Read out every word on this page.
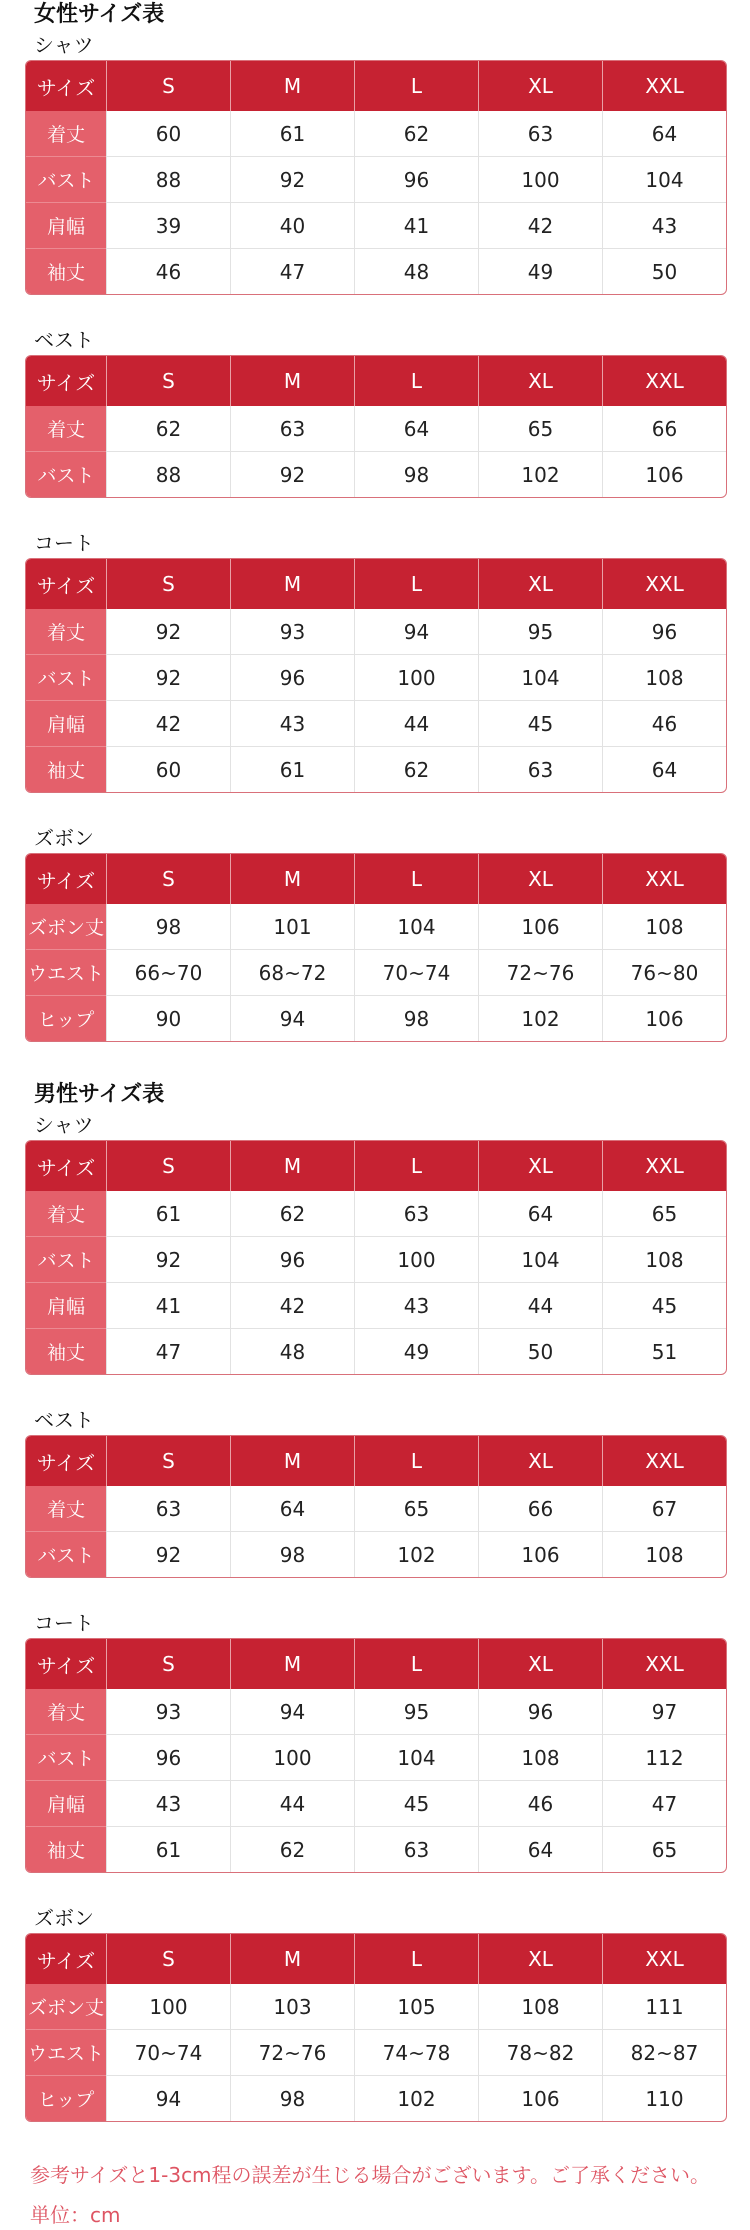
女性サイズ表
シャツ
サイズ	S	M	L	XL	XXL
着丈	60	61	62	63	64
バスト	88	92	96	100	104
肩幅	39	40	41	42	43
袖丈	46	47	48	49	50
ベスト
サイズ	S	M	L	XL	XXL
着丈	62	63	64	65	66
バスト	88	92	98	102	106
コート
サイズ	S	M	L	XL	XXL
着丈	92	93	94	95	96
バスト	92	96	100	104	108
肩幅	42	43	44	45	46
袖丈	60	61	62	63	64
ズボン
サイズ	S	M	L	XL	XXL
ズボン丈	98	101	104	106	108
ウエスト	66~70	68~72	70~74	72~76	76~80
ヒップ	90	94	98	102	106
男性サイズ表
シャツ
サイズ	S	M	L	XL	XXL
着丈	61	62	63	64	65
バスト	92	96	100	104	108
肩幅	41	42	43	44	45
袖丈	47	48	49	50	51
ベスト
サイズ	S	M	L	XL	XXL
着丈	63	64	65	66	67
バスト	92	98	102	106	108
コート
サイズ	S	M	L	XL	XXL
着丈	93	94	95	96	97
バスト	96	100	104	108	112
肩幅	43	44	45	46	47
袖丈	61	62	63	64	65
ズボン
サイズ	S	M	L	XL	XXL
ズボン丈	100	103	105	108	111
ウエスト	70~74	72~76	74~78	78~82	82~87
ヒップ	94	98	102	106	110
参考サイズと1-3cm程の誤差が生じる場合がございます。ご了承ください。
単位：cm
